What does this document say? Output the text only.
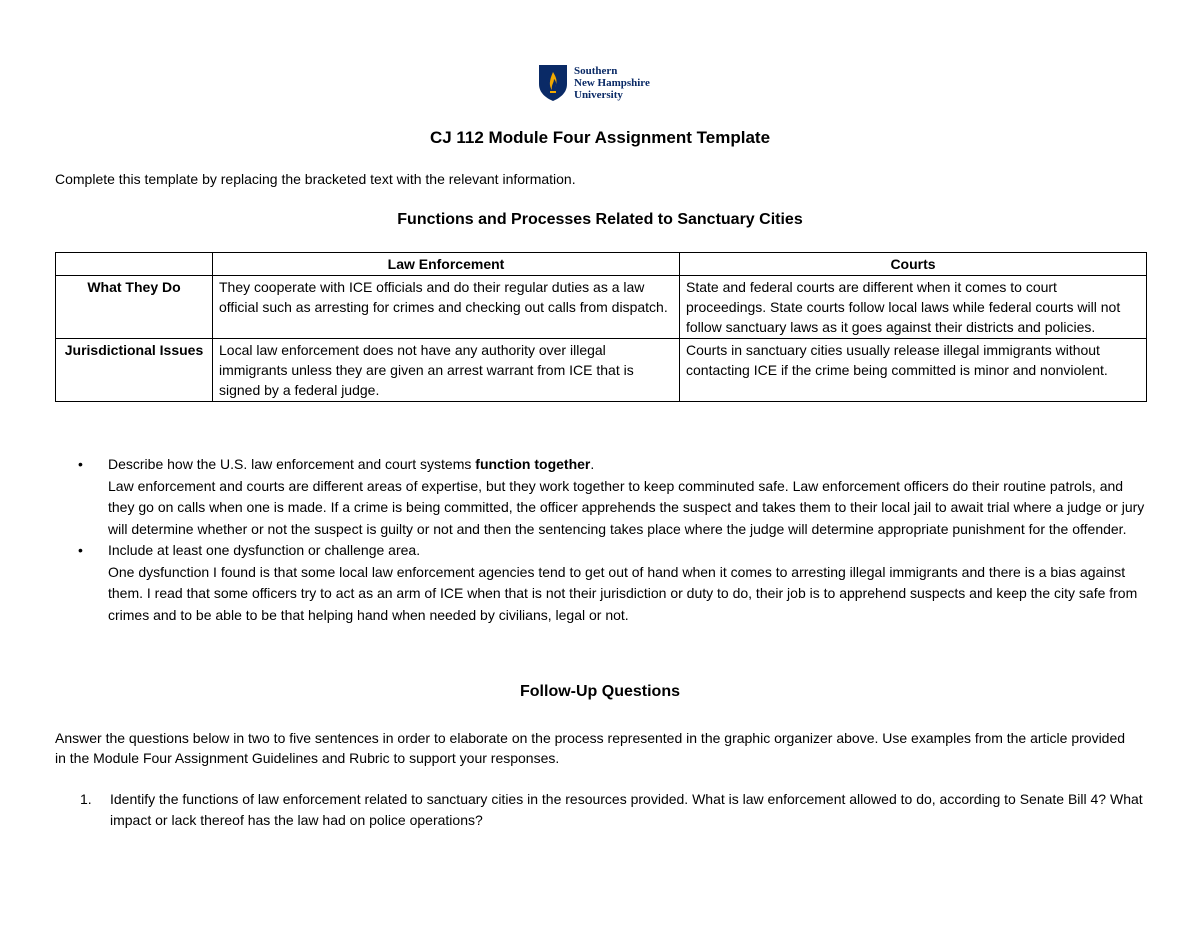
Southern
New Hampshire
University
CJ 112 Module Four Assignment Template
Complete this template by replacing the bracketed text with the relevant information.
Functions and Processes Related to Sanctuary Cities
	Law Enforcement	Courts
What They Do	They cooperate with ICE officials and do their regular duties as a law official such as arresting for crimes and checking out calls from dispatch.	State and federal courts are different when it comes to court proceedings. State courts follow local laws while federal courts will not follow sanctuary laws as it goes against their districts and policies.
Jurisdictional Issues	Local law enforcement does not have any authority over illegal immigrants unless they are given an arrest warrant from ICE that is signed by a federal judge.	Courts in sanctuary cities usually release illegal immigrants without contacting ICE if the crime being committed is minor and nonviolent.
• Describe how the U.S. law enforcement and court systems function together.
Law enforcement and courts are different areas of expertise, but they work together to keep comminuted safe. Law enforcement officers do their routine patrols, and they go on calls when one is made. If a crime is being committed, the officer apprehends the suspect and takes them to their local jail to await trial where a judge or jury will determine whether or not the suspect is guilty or not and then the sentencing takes place where the judge will determine appropriate punishment for the offender.
• Include at least one dysfunction or challenge area.
One dysfunction I found is that some local law enforcement agencies tend to get out of hand when it comes to arresting illegal immigrants and there is a bias against them. I read that some officers try to act as an arm of ICE when that is not their jurisdiction or duty to do, their job is to apprehend suspects and keep the city safe from crimes and to be able to be that helping hand when needed by civilians, legal or not.
Follow-Up Questions
Answer the questions below in two to five sentences in order to elaborate on the process represented in the graphic organizer above. Use examples from the article provided in the Module Four Assignment Guidelines and Rubric to support your responses.
1. Identify the functions of law enforcement related to sanctuary cities in the resources provided. What is law enforcement allowed to do, according to Senate Bill 4? What impact or lack thereof has the law had on police operations?
